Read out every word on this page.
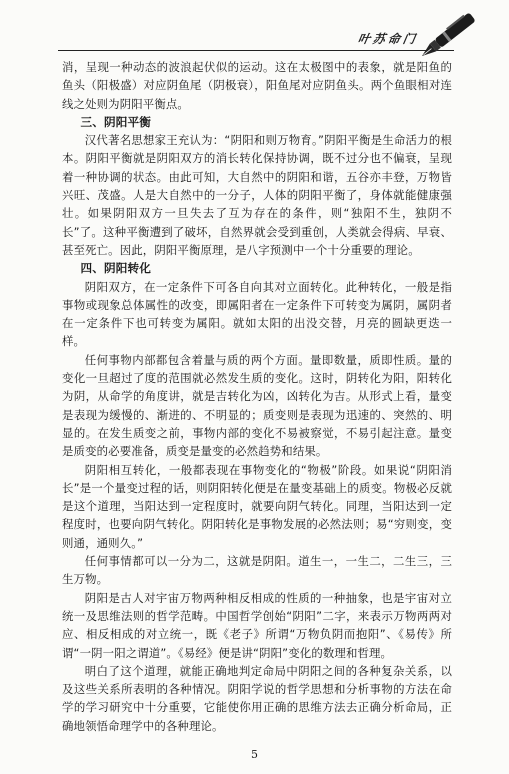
叶苏命门

消，呈现一种动态的波浪起伏似的运动。这在太极图中的表象，就是阳鱼的鱼头（阳极盛）对应阴鱼尾（阴极衰），阳鱼尾对应阴鱼头。两个鱼眼相对连线之处则为阴阳平衡点。

三、阴阳平衡

汉代著名思想家王充认为：“阴阳和则万物育。”阴阳平衡是生命活力的根本。阴阳平衡就是阴阳双方的消长转化保持协调，既不过分也不偏衰，呈现着一种协调的状态。由此可知，大自然中的阴阳和谐，五谷亦丰登，万物皆兴旺、茂盛。人是大自然中的一分子，人体的阴阳平衡了，身体就能健康强壮。如果阴阳双方一旦失去了互为存在的条件，则“独阳不生，独阴不长”了。这种平衡遭到了破坏，自然界就会受到重创，人类就会得病、早衰、甚至死亡。因此，阴阳平衡原理，是八字预测中一个十分重要的理论。

四、阴阳转化

阴阳双方，在一定条件下可各自向其对立面转化。此种转化，一般是指事物或现象总体属性的改变，即属阳者在一定条件下可转变为属阴，属阴者在一定条件下也可转变为属阳。就如太阳的出没交替，月亮的圆缺更迭一样。

任何事物内部都包含着量与质的两个方面。量即数量，质即性质。量的变化一旦超过了度的范围就必然发生质的变化。这时，阴转化为阳，阳转化为阴，从命学的角度讲，就是吉转化为凶，凶转化为吉。从形式上看，量变是表现为缓慢的、渐进的、不明显的；质变则是表现为迅速的、突然的、明显的。在发生质变之前，事物内部的变化不易被察觉，不易引起注意。量变是质变的必要准备，质变是量变的必然趋势和结果。

阴阳相互转化，一般都表现在事物变化的“物极”阶段。如果说“阴阳消长”是一个量变过程的话，则阴阳转化便是在量变基础上的质变。物极必反就是这个道理，当阳达到一定程度时，就要向阴气转化。同理，当阳达到一定程度时，也要向阴气转化。阴阳转化是事物发展的必然法则；易“穷则变，变则通，通则久。”

任何事情都可以一分为二，这就是阴阳。道生一，一生二，二生三，三生万物。

阴阳是古人对宇宙万物两种相反相成的性质的一种抽象，也是宇宙对立统一及思维法则的哲学范畴。中国哲学创始“阴阳”二字，来表示万物两两对应、相反相成的对立统一，既《老子》所谓“万物负阴而抱阳”、《易传》所谓“一阴一阳之谓道”。《易经》便是讲“阴阳”变化的数理和哲理。

明白了这个道理，就能正确地判定命局中阴阳之间的各种复杂关系，以及这些关系所表明的各种情况。阴阳学说的哲学思想和分析事物的方法在命学的学习研究中十分重要，它能使你用正确的思维方法去正确分析命局，正确地领悟命理学中的各种理论。

5
